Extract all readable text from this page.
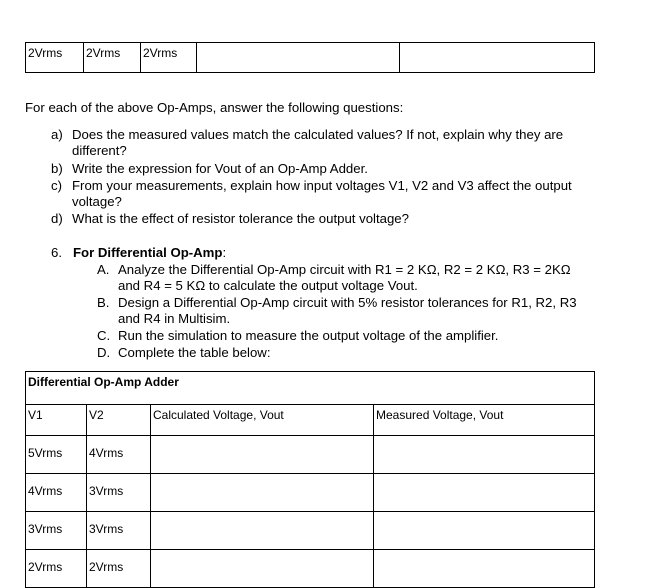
2Vrms	2Vrms	2Vrms		
For each of the above Op-Amps, answer the following questions:
a) Does the measured values match the calculated values? If not, explain why they are
different?
b) Write the expression for Vout of an Op-Amp Adder.
c) From your measurements, explain how input voltages V1, V2 and V3 affect the output
voltage?
d) What is the effect of resistor tolerance the output voltage?
6. For Differential Op-Amp:
A. Analyze the Differential Op-Amp circuit with R1 = 2 KΩ, R2 = 2 KΩ, R3 = 2KΩ
and R4 = 5 KΩ to calculate the output voltage Vout.
B. Design a Differential Op-Amp circuit with 5% resistor tolerances for R1, R2, R3
and R4 in Multisim.
C. Run the simulation to measure the output voltage of the amplifier.
D. Complete the table below:
Differential Op-Amp Adder			
V1	V2	Calculated Voltage, Vout	Measured Voltage, Vout
5Vrms	4Vrms		
4Vrms	3Vrms		
3Vrms	3Vrms		
2Vrms	2Vrms		
